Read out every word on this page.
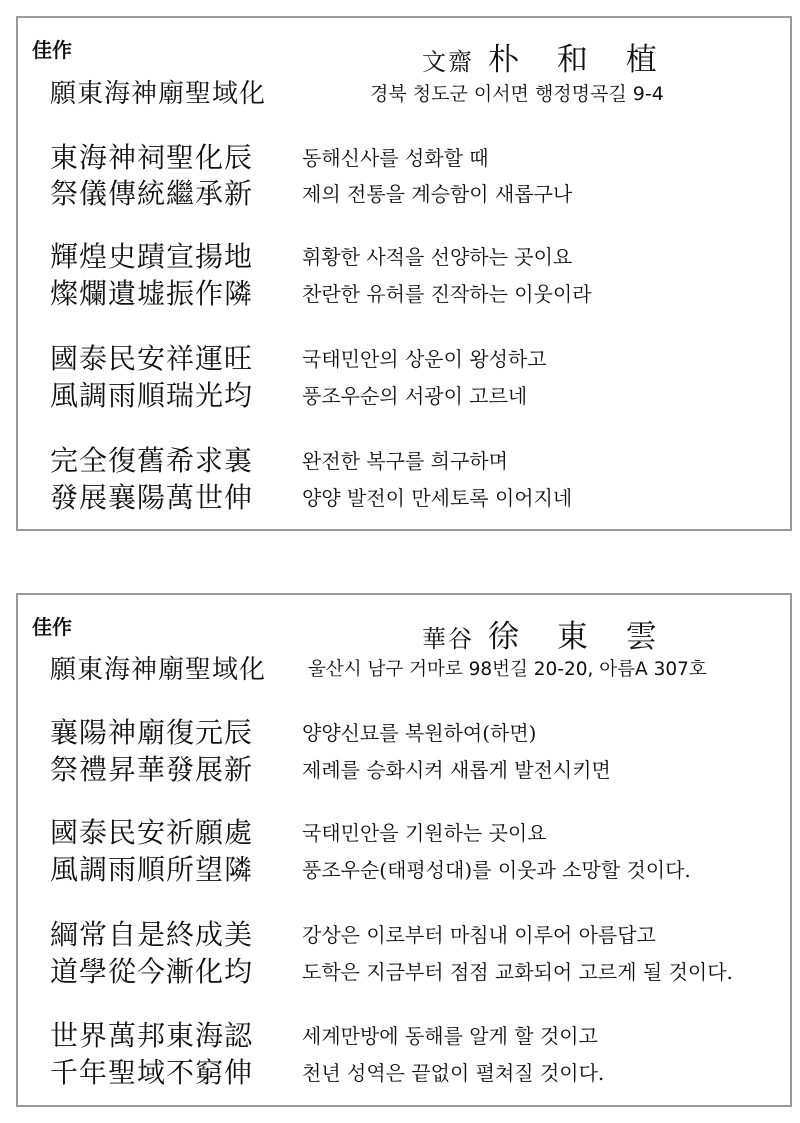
佳作	文齋 朴 和 植
願東海神廟聖域化	경북 청도군 이서면 행정명곡길 9-4
東海神祠聖化辰 동해신사를 성화할 때
祭儀傳統繼承新 제의 전통을 계승함이 새롭구나
輝煌史蹟宣揚地 휘황한 사적을 선양하는 곳이요
燦爛遺墟振作隣 찬란한 유허를 진작하는 이웃이라
國泰民安祥運旺 국태민안의 상운이 왕성하고
風調雨順瑞光均 풍조우순의 서광이 고르네
完全復舊希求裏 완전한 복구를 희구하며
發展襄陽萬世伸 양양 발전이 만세토록 이어지네
佳作	華谷 徐 東 雲
願東海神廟聖域化 울산시 남구 거마로 98번길 20-20, 아름A 307호
襄陽神廟復元辰 양양신묘를 복원하여(하면)
祭禮昇華發展新 제례를 승화시켜 새롭게 발전시키면
國泰民安祈願處 국태민안을 기원하는 곳이요
風調雨順所望隣 풍조우순(태평성대)를 이웃과 소망할 것이다.
綱常自是終成美 강상은 이로부터 마침내 이루어 아름답고
道學從今漸化均 도학은 지금부터 점점 교화되어 고르게 될 것이다.
世界萬邦東海認 세계만방에 동해를 알게 할 것이고
千年聖域不窮伸 천년 성역은 끝없이 펼쳐질 것이다.
